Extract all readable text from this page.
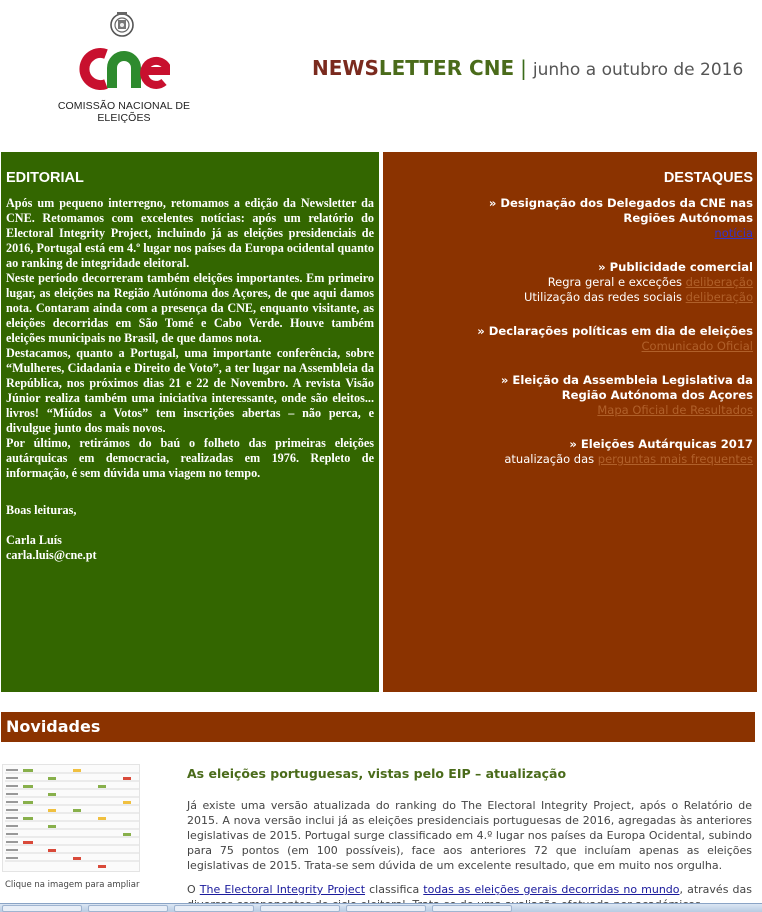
COMISSÃO NACIONAL DE ELEIÇÕES
NEWSLETTER CNE | junho a outubro de 2016
EDITORIAL

Após um pequeno interregno, retomamos a edição da Newsletter da CNE. Retomamos com excelentes notícias: após um relatório do Electoral Integrity Project, incluindo já as eleições presidenciais de 2016, Portugal está em 4.º lugar nos países da Europa ocidental quanto ao ranking de integridade eleitoral.

Neste período decorreram também eleições importantes. Em primeiro lugar, as eleições na Região Autónoma dos Açores, de que aqui damos nota. Contaram ainda com a presença da CNE, enquanto visitante, as eleições decorridas em São Tomé e Cabo Verde. Houve também eleições municipais no Brasil, de que damos nota.

Destacamos, quanto a Portugal, uma importante conferência, sobre “Mulheres, Cidadania e Direito de Voto”, a ter lugar na Assembleia da República, nos próximos dias 21 e 22 de Novembro. A revista Visão Júnior realiza também uma iniciativa interessante, onde são eleitos... livros! “Miúdos a Votos” tem inscrições abertas – não perca, e divulgue junto dos mais novos.

Por último, retirámos do baú o folheto das primeiras eleições autárquicas em democracia, realizadas em 1976. Repleto de informação, é sem dúvida uma viagem no tempo.

Boas leituras,
Carla Luís
carla.luis@cne.pt
DESTAQUES
» Designação dos Delegados da CNE nas
Regiões Autónomas
notícia
» Publicidade comercial
Regra geral e exceções deliberação
Utilização das redes sociais deliberação
» Declarações políticas em dia de eleições
Comunicado Oficial
» Eleição da Assembleia Legislativa da
Região Autónoma dos Açores
Mapa Oficial de Resultados
» Eleições Autárquicas 2017
atualização das perguntas mais frequentes
Novidades
Clique na imagem para ampliar
As eleições portuguesas, vistas pelo EIP – atualização
Já existe uma versão atualizada do ranking do The Electoral Integrity Project, após o Relatório de 2015. A nova versão inclui já as eleições presidenciais portuguesas de 2016, agregadas às anteriores legislativas de 2015. Portugal surge classificado em 4.º lugar nos países da Europa Ocidental, subindo para 75 pontos (em 100 possíveis), face aos anteriores 72 que incluíam apenas as eleições legislativas de 2015. Trata-se sem dúvida de um excelente resultado, que em muito nos orgulha.
O The Electoral Integrity Project classifica todas as eleições gerais decorridas no mundo, através das
